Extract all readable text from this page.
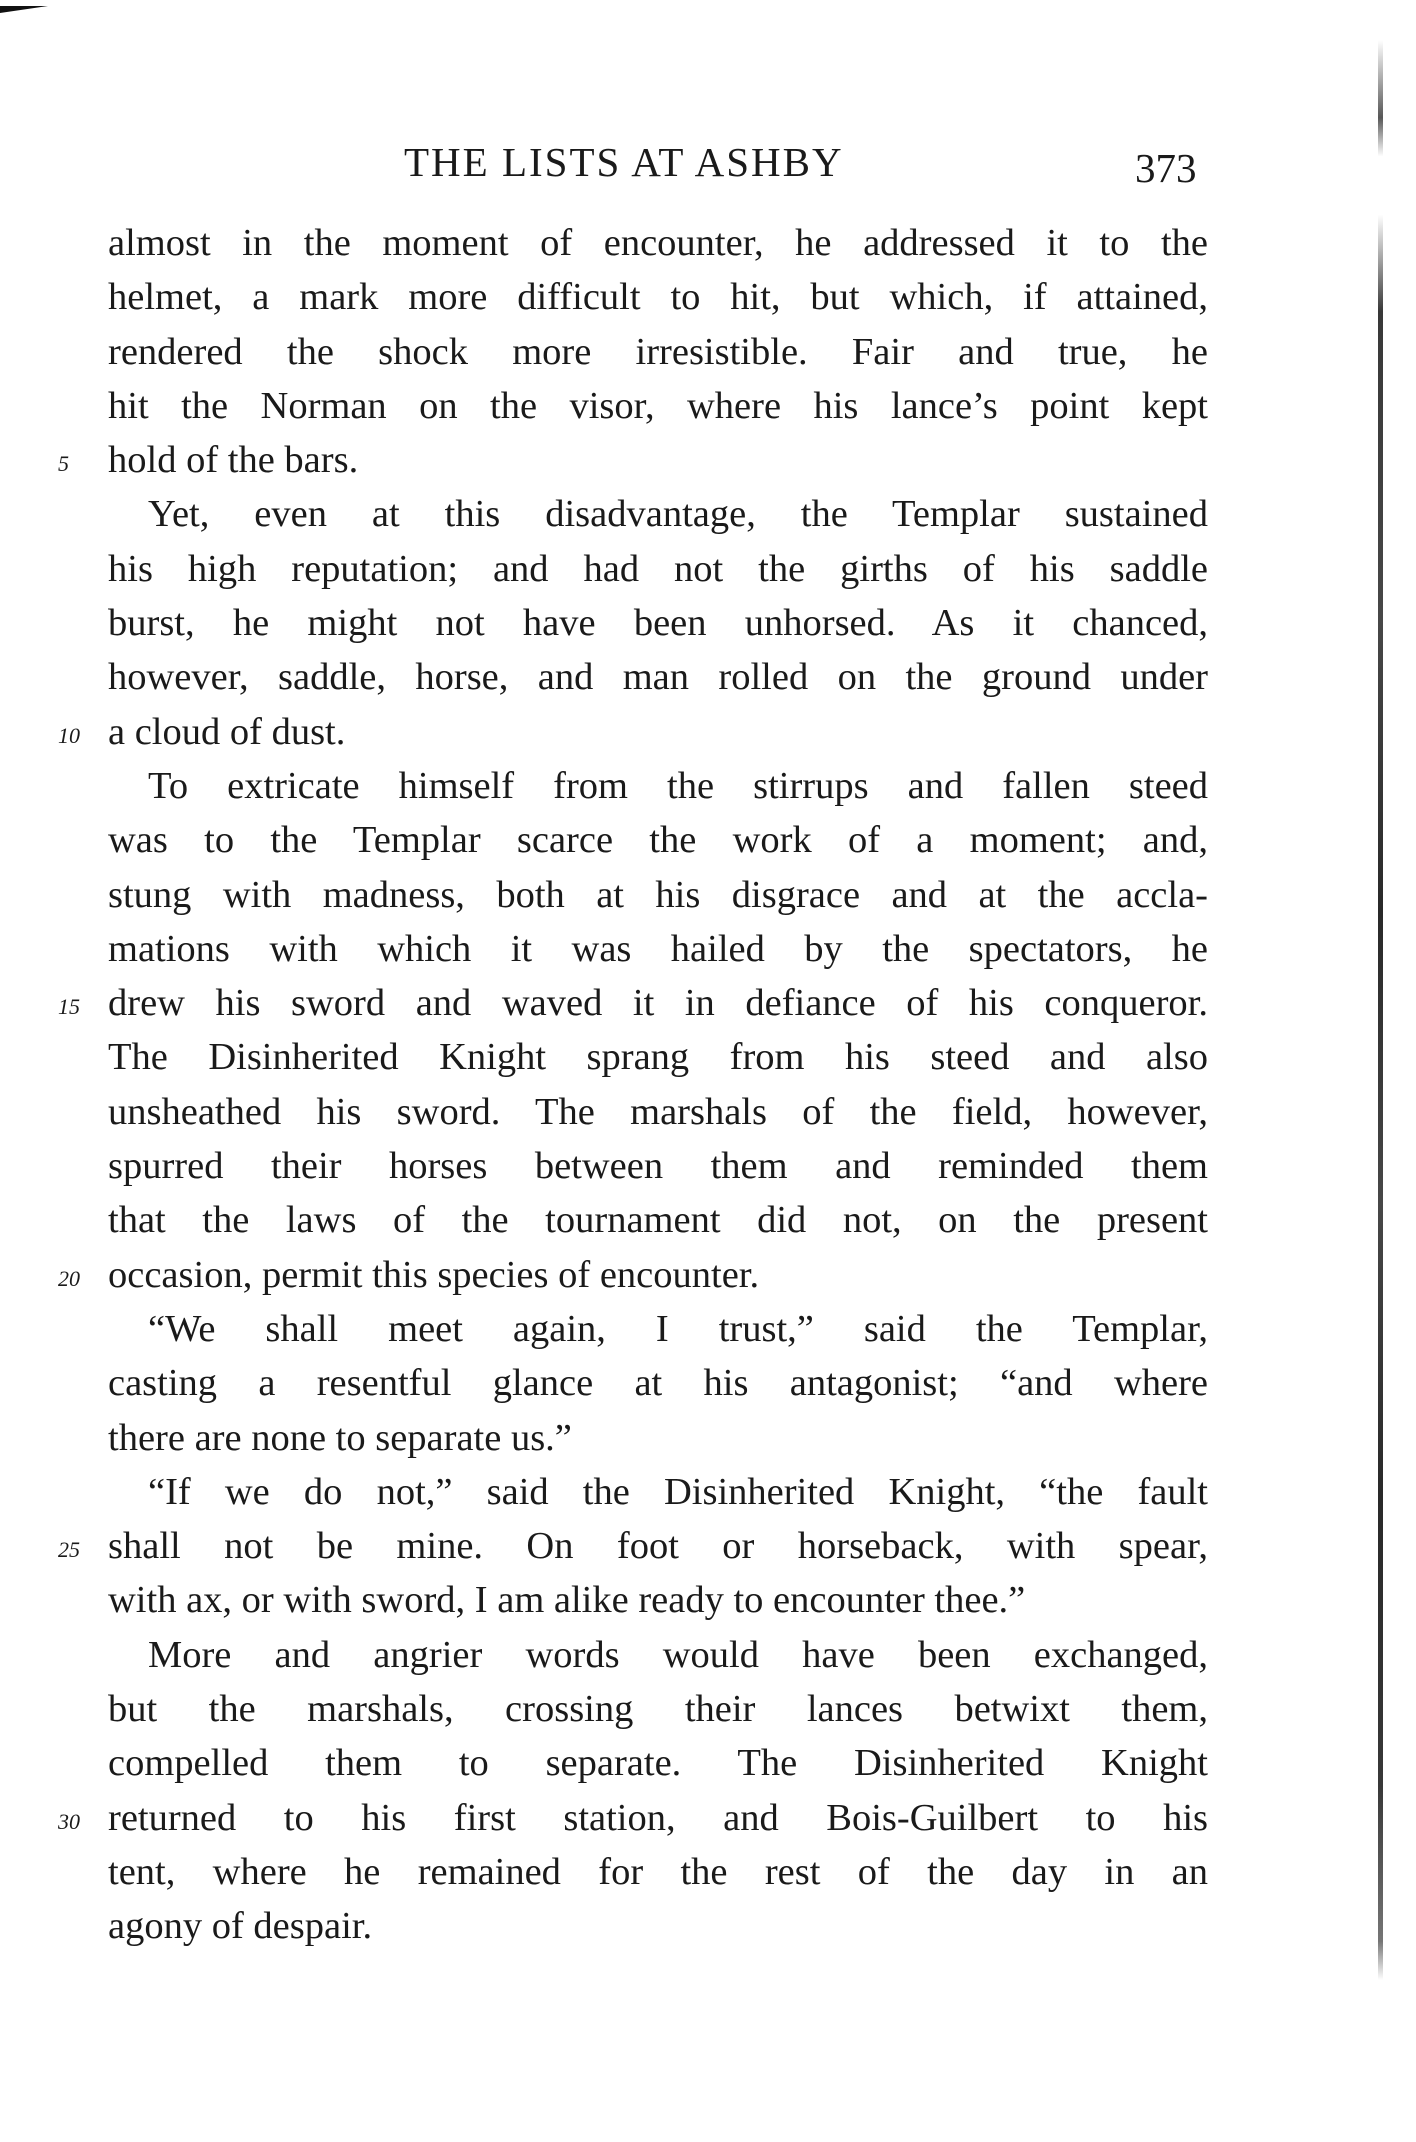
THE LISTS AT ASHBY	373
almost in the moment of encounter, he addressed it to the
helmet, a mark more difficult to hit, but which, if attained,
rendered the shock more irresistible. Fair and true, he
hit the Norman on the visor, where his lance’s point kept
5	hold of the bars.
Yet, even at this disadvantage, the Templar sustained
his high reputation; and had not the girths of his saddle
burst, he might not have been unhorsed. As it chanced,
however, saddle, horse, and man rolled on the ground under
10 a cloud of dust.
To extricate himself from the stirrups and fallen steed
was to the Templar scarce the work of a moment; and,
stung with madness, both at his disgrace and at the accla-
mations with which it was hailed by the spectators, he
15 drew his sword and waved it in defiance of his conqueror.
The Disinherited Knight sprang from his steed and also
unsheathed his sword. The marshals of the field, however,
spurred their horses between them and reminded them
that the laws of the tournament did not, on the present
20 occasion, permit this species of encounter.
“We shall meet again, I trust,” said the Templar,
casting a resentful glance at his antagonist; “and where
there are none to separate us.”
“If we do not,” said the Disinherited Knight, “the fault
25 shall not be mine. On foot or horseback, with spear,
with ax, or with sword, I am alike ready to encounter thee.”
More and angrier words would have been exchanged,
but the marshals, crossing their lances betwixt them,
compelled them to separate. The Disinherited Knight
30 returned to his first station, and Bois-Guilbert to his
tent, where he remained for the rest of the day in an
agony of despair.
